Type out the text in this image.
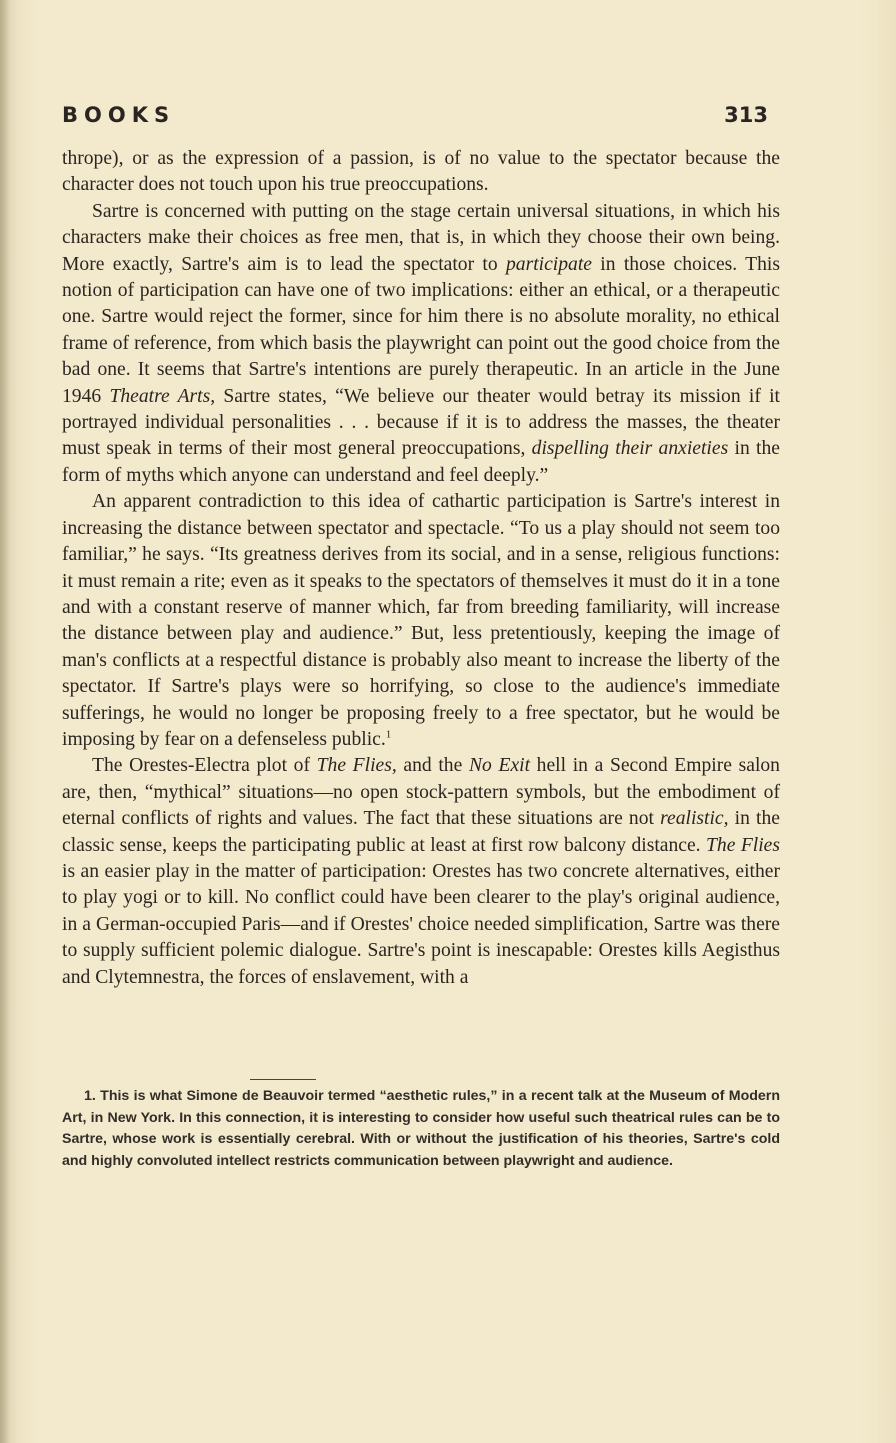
BOOKS	313

thrope), or as the expression of a passion, is of no value to the spectator because the character does not touch upon his true preoccupations.

Sartre is concerned with putting on the stage certain universal situations, in which his characters make their choices as free men, that is, in which they choose their own being. More exactly, Sartre's aim is to lead the spectator to participate in those choices. This notion of participation can have one of two implications: either an ethical, or a therapeutic one. Sartre would reject the former, since for him there is no absolute morality, no ethical frame of reference, from which basis the playwright can point out the good choice from the bad one. It seems that Sartre's intentions are purely therapeutic. In an article in the June 1946 Theatre Arts, Sartre states, “We believe our theater would betray its mission if it portrayed individual personalities . . . because if it is to address the masses, the theater must speak in terms of their most general preoccupations, dispelling their anxieties in the form of myths which anyone can understand and feel deeply.”

An apparent contradiction to this idea of cathartic participation is Sartre's interest in increasing the distance between spectator and spectacle. “To us a play should not seem too familiar,” he says. “Its greatness derives from its social, and in a sense, religious functions: it must remain a rite; even as it speaks to the spectators of themselves it must do it in a tone and with a constant reserve of manner which, far from breeding familiarity, will increase the distance between play and audience.” But, less pretentiously, keeping the image of man's conflicts at a respectful distance is probably also meant to increase the liberty of the spectator. If Sartre's plays were so horrifying, so close to the audience's immediate sufferings, he would no longer be proposing freely to a free spectator, but he would be imposing by fear on a defenseless public.$^1$

The Orestes-Electra plot of The Flies, and the No Exit hell in a Second Empire salon are, then, “mythical” situations—no open stock-pattern symbols, but the embodiment of eternal conflicts of rights and values. The fact that these situations are not realistic, in the classic sense, keeps the participating public at least at first row balcony distance. The Flies is an easier play in the matter of participation: Orestes has two concrete alternatives, either to play yogi or to kill. No conflict could have been clearer to the play's original audience, in a German-occupied Paris—and if Orestes' choice needed simplification, Sartre was there to supply sufficient polemic dialogue. Sartre's point is inescapable: Orestes kills Aegisthus and Clytemnestra, the forces of enslavement, with a

1. This is what Simone de Beauvoir termed “aesthetic rules,” in a recent talk at the Museum of Modern Art, in New York. In this connection, it is interesting to consider how useful such theatrical rules can be to Sartre, whose work is essentially cerebral. With or without the justification of his theories, Sartre's cold and highly convoluted intellect restricts communication between playwright and audience.
